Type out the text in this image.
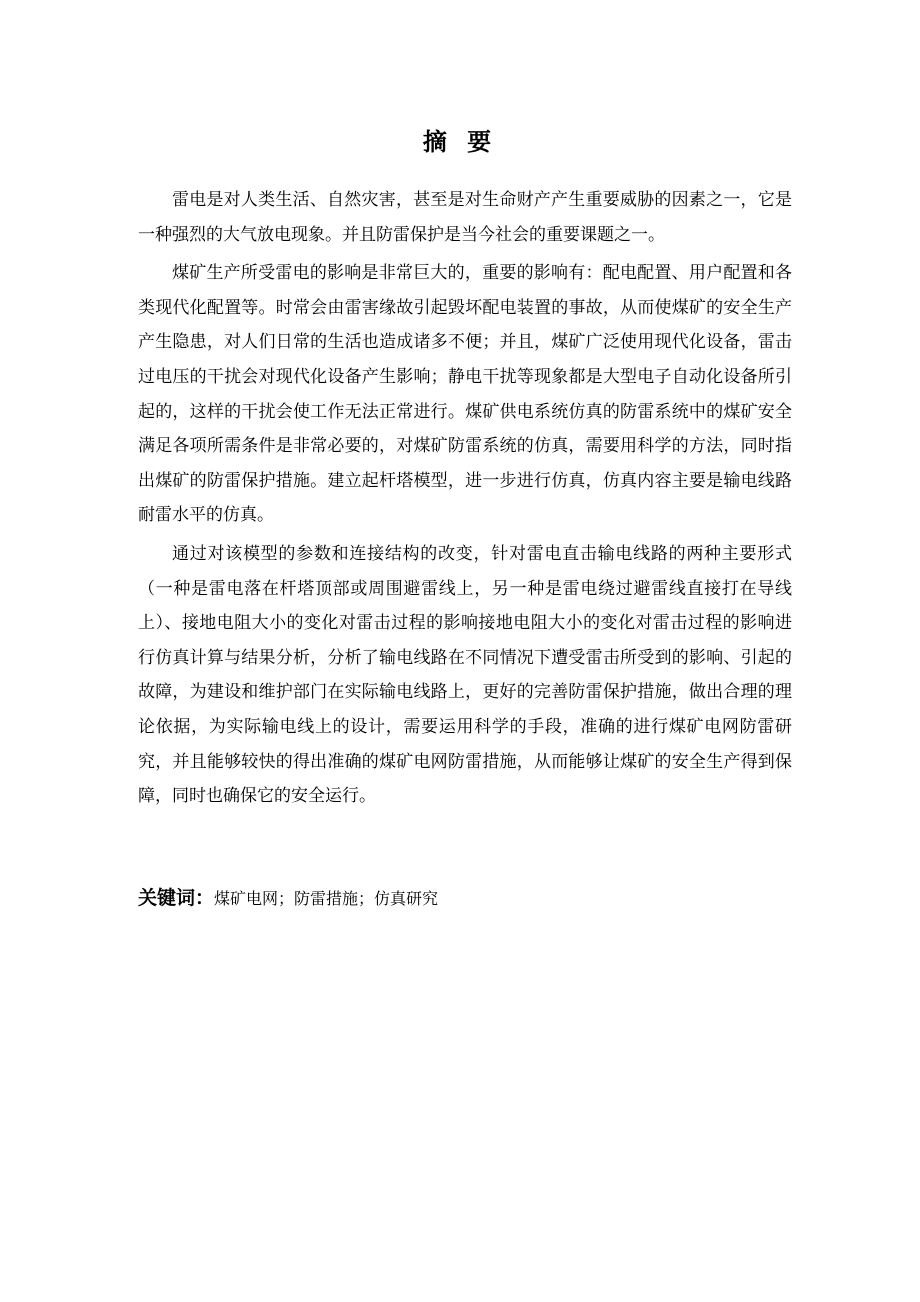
摘 要

雷电是对人类生活、自然灾害，甚至是对生命财产产生重要威胁的因素之一，它是一种强烈的大气放电现象。并且防雷保护是当今社会的重要课题之一。

煤矿生产所受雷电的影响是非常巨大的，重要的影响有：配电配置、用户配置和各类现代化配置等。时常会由雷害缘故引起毁坏配电装置的事故，从而使煤矿的安全生产产生隐患，对人们日常的生活也造成诸多不便；并且，煤矿广泛使用现代化设备，雷击过电压的干扰会对现代化设备产生影响；静电干扰等现象都是大型电子自动化设备所引起的，这样的干扰会使工作无法正常进行。煤矿供电系统仿真的防雷系统中的煤矿安全满足各项所需条件是非常必要的，对煤矿防雷系统的仿真，需要用科学的方法，同时指出煤矿的防雷保护措施。建立起杆塔模型，进一步进行仿真，仿真内容主要是输电线路耐雷水平的仿真。

通过对该模型的参数和连接结构的改变，针对雷电直击输电线路的两种主要形式（一种是雷电落在杆塔顶部或周围避雷线上，另一种是雷电绕过避雷线直接打在导线上）、接地电阻大小的变化对雷击过程的影响接地电阻大小的变化对雷击过程的影响进行仿真计算与结果分析，分析了输电线路在不同情况下遭受雷击所受到的影响、引起的故障，为建设和维护部门在实际输电线路上，更好的完善防雷保护措施，做出合理的理论依据，为实际输电线上的设计，需要运用科学的手段，准确的进行煤矿电网防雷研究，并且能够较快的得出准确的煤矿电网防雷措施，从而能够让煤矿的安全生产得到保障，同时也确保它的安全运行。

关键词：煤矿电网；防雷措施；仿真研究
